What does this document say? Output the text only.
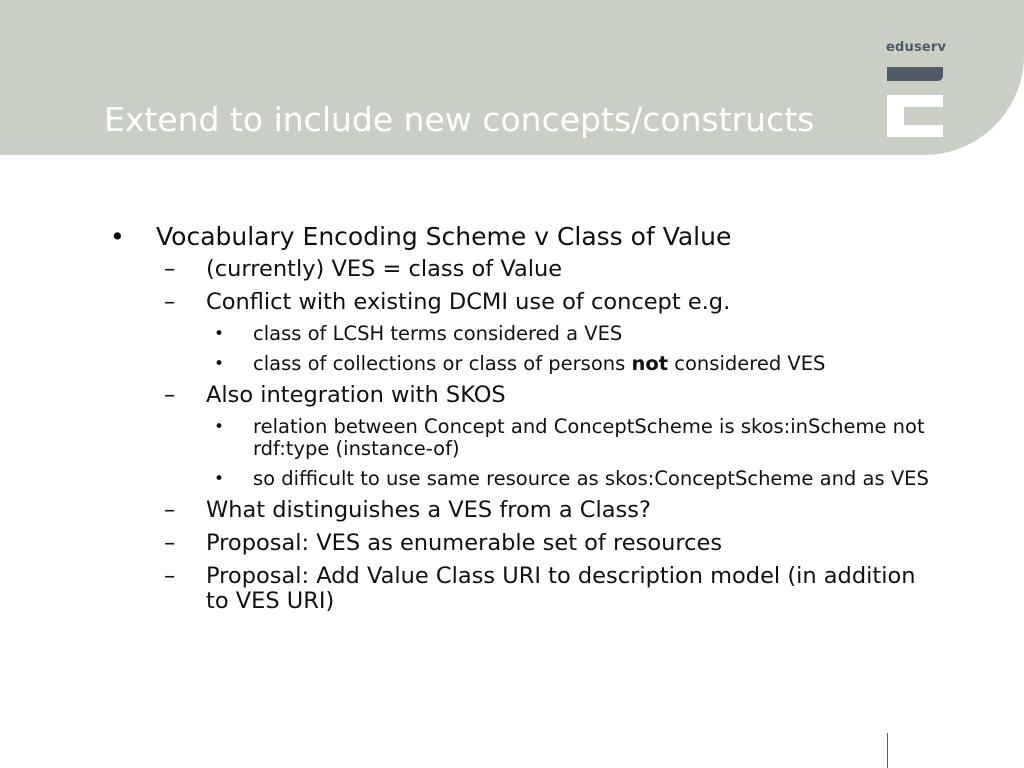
Extend to include new concepts/constructs
eduserv
• Vocabulary Encoding Scheme v Class of Value
– (currently) VES = class of Value
– Conflict with existing DCMI use of concept e.g.
• class of LCSH terms considered a VES
• class of collections or class of persons not considered VES
– Also integration with SKOS
• relation between Concept and ConceptScheme is skos:inScheme not rdf:type (instance-of)
• so difficult to use same resource as skos:ConceptScheme and as VES
– What distinguishes a VES from a Class?
– Proposal: VES as enumerable set of resources
– Proposal: Add Value Class URI to description model (in addition to VES URI)
